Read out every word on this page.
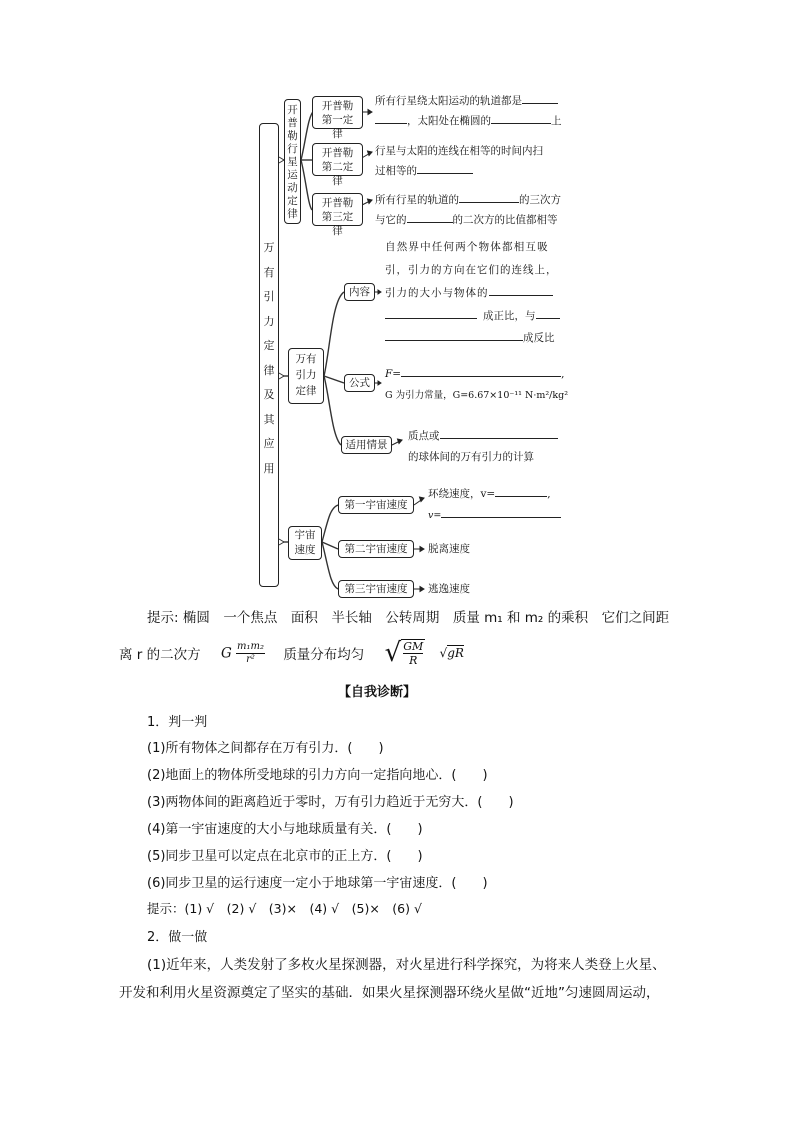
万有引力定律及其应用
开普勒行星运动定律
开普勒第一定律
开普勒第二定律
开普勒第三定律
所有行星绕太阳运动的轨道都是
，太阳处在椭圆的	上
行星与太阳的连线在相等的时间内扫
过相等的
所有行星的轨道的	的三次方
与它的	的二次方的比值都相等
万有引力定律
内容
自然界中任何两个物体都相互吸
引，引力的方向在它们的连线上，
引力的大小与物体的
成正比，与
成反比
公式
F=	,
G 为引力常量，G=6.67×10⁻¹¹ N·m²/kg²
适用情景
质点或
的球体间的万有引力的计算
宇宙速度
第一宇宙速度
环绕速度，v=	,
v=
第二宇宙速度	脱离速度
第三宇宙速度	逃逸速度
提示: 椭圆　一个焦点　面积　半长轴　公转周期　质量 m₁ 和 m₂ 的乘积　它们之间距
离 r 的二次方 G $\frac{\text{m₁m₂}}{\text{r²}}$ 质量分布均匀 √ $\frac{GM}{R} √gR$
【自我诊断】
1．判一判
(1)所有物体之间都存在万有引力．(　　)
(2)地面上的物体所受地球的引力方向一定指向地心．(　　)
(3)两物体间的距离趋近于零时，万有引力趋近于无穷大．(　　)
(4)第一宇宙速度的大小与地球质量有关．(　　)
(5)同步卫星可以定点在北京市的正上方．(　　)
(6)同步卫星的运行速度一定小于地球第一宇宙速度．(　　)
提示：(1) √　(2) √　(3)×　(4) √　(5)×　(6) √
2．做一做
(1)近年来，人类发射了多枚火星探测器，对火星进行科学探究，为将来人类登上火星、
开发和利用火星资源奠定了坚实的基础．如果火星探测器环绕火星做“近地”匀速圆周运动，
